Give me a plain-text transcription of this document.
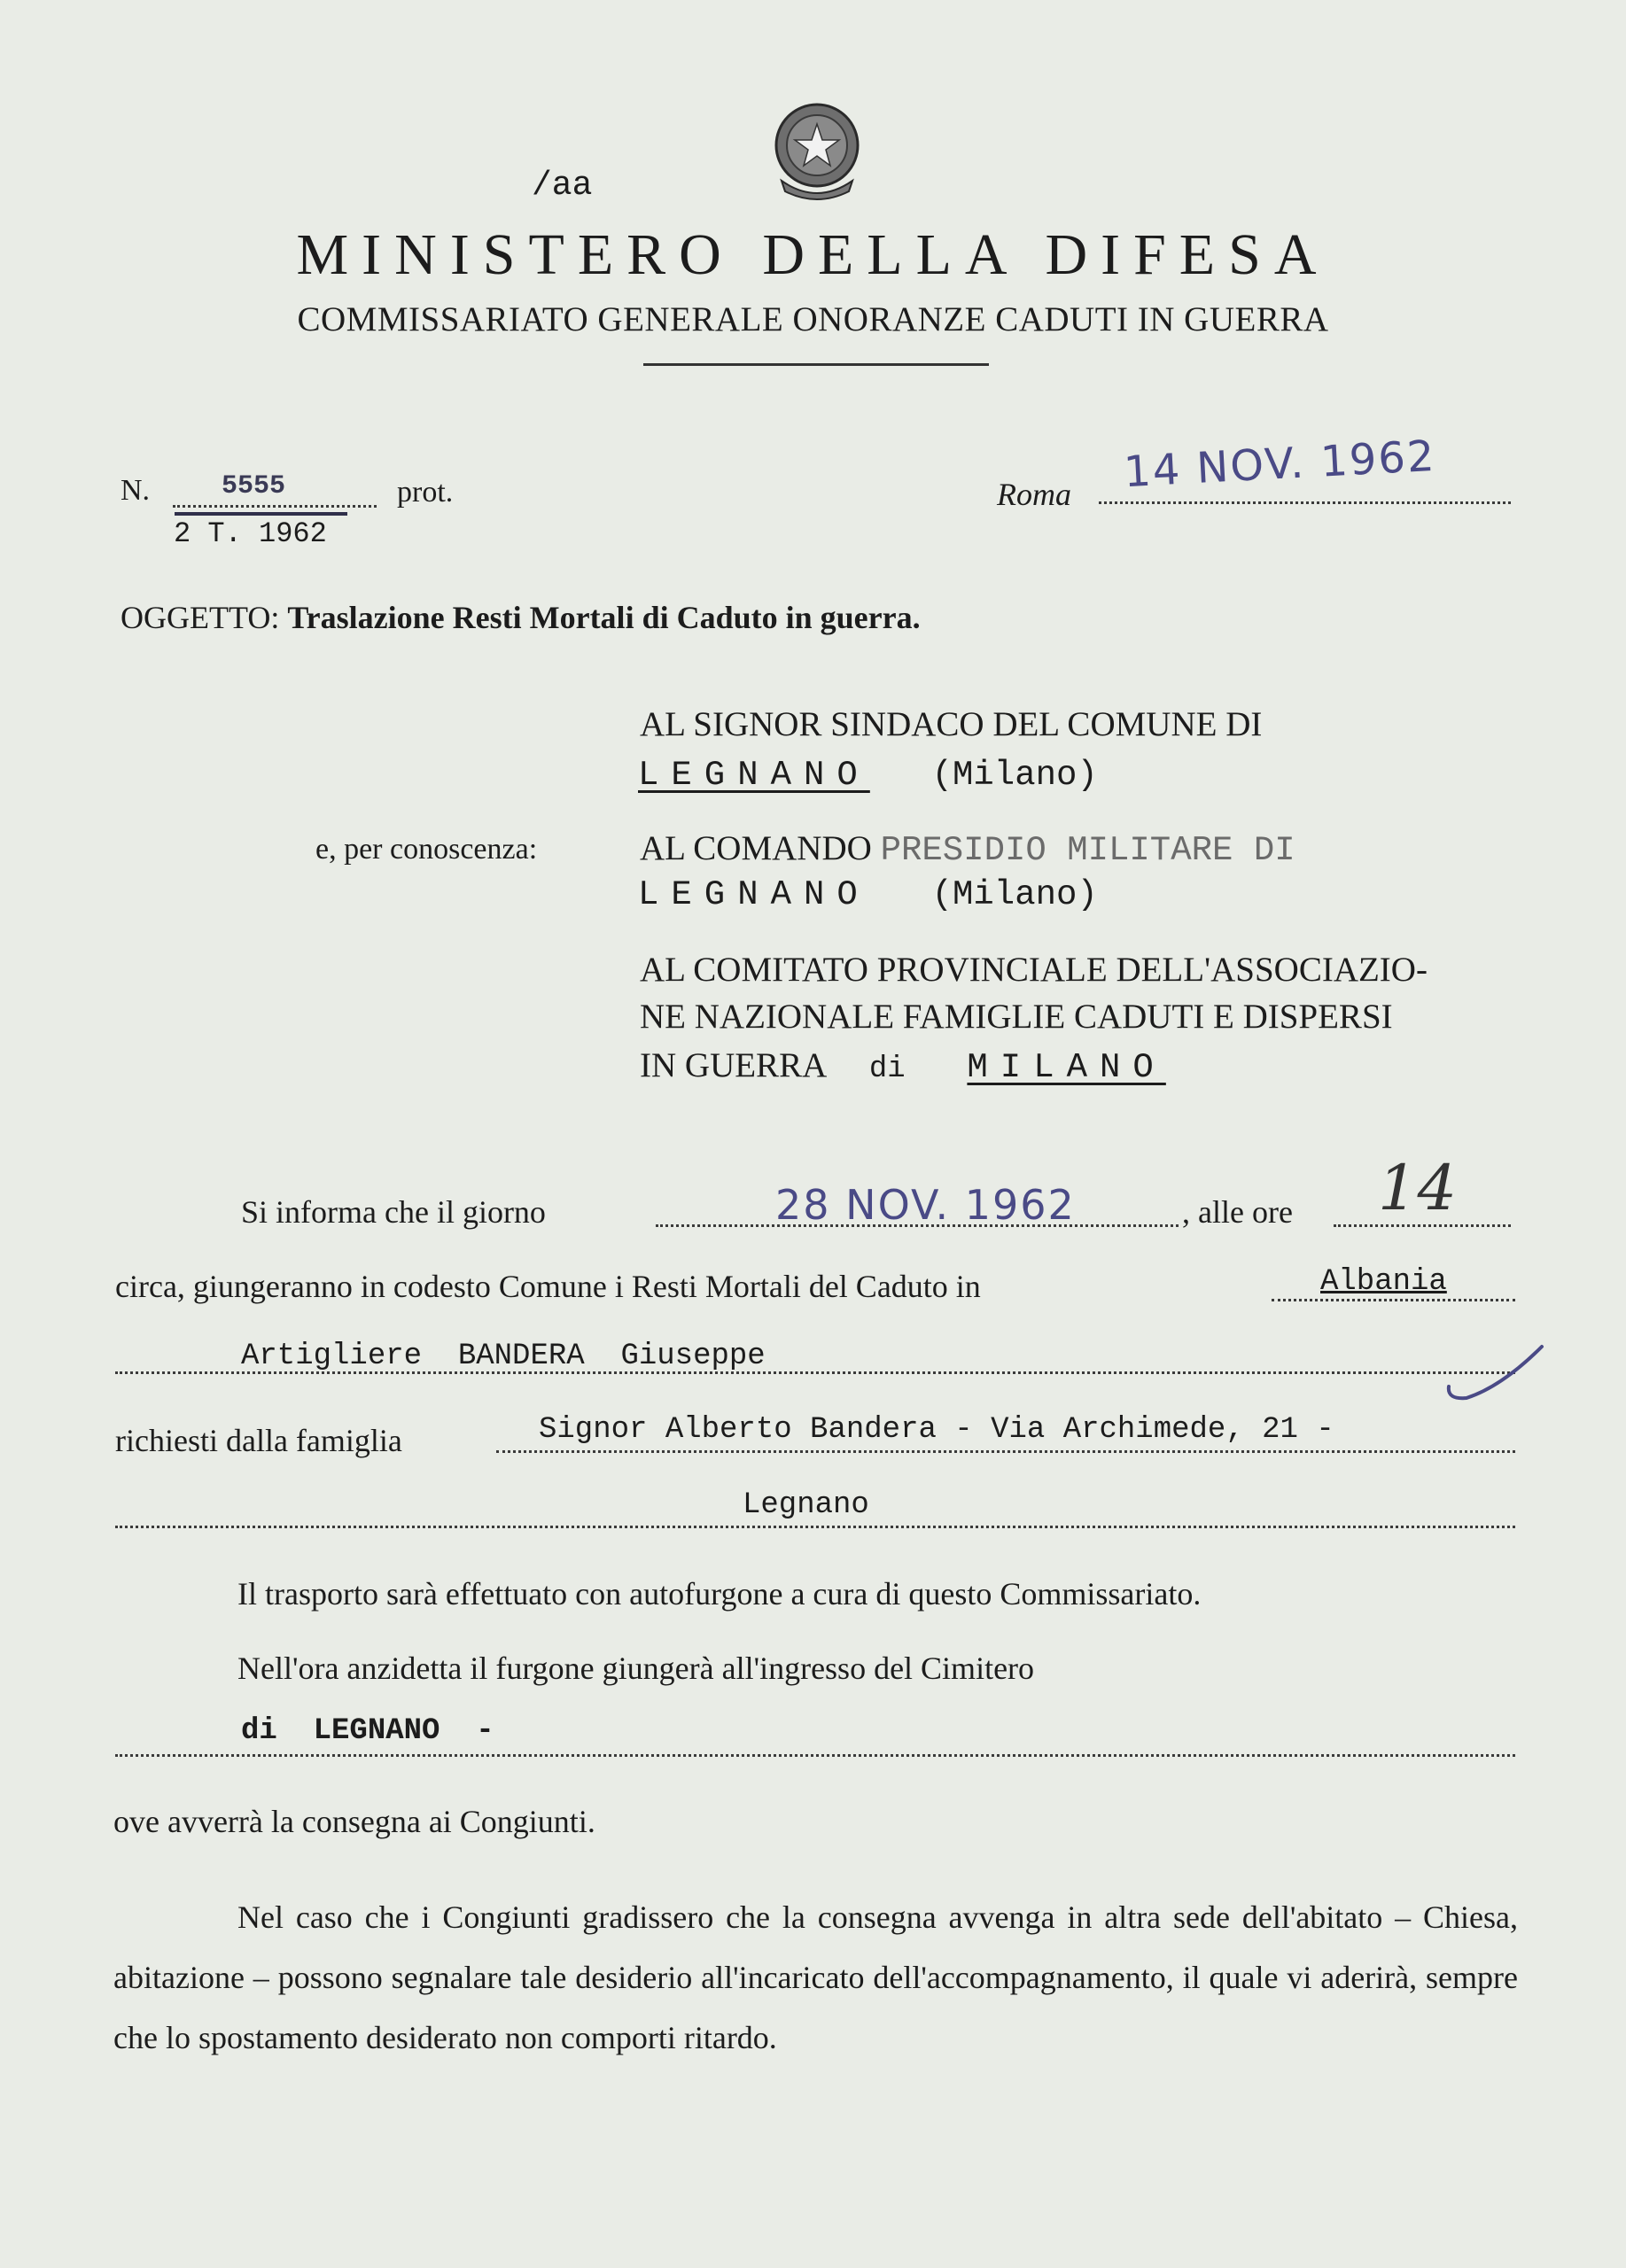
/aa
MINISTERO DELLA DIFESA
COMMISSARIATO GENERALE ONORANZE CADUTI IN GUERRA
N.	5555
2 T. 1962
prot.	Roma 14 NOV. 1962
OGGETTO: Traslazione Resti Mortali di Caduto in guerra.
AL SIGNOR SINDACO DEL COMUNE DI
LEGNANO (Milano)
e, per conoscenza:	AL COMANDO PRESIDIO MILITARE DI
LEGNANO (Milano)
AL COMITATO PROVINCIALE DELL'ASSOCIAZIO-
NE NAZIONALE FAMIGLIE CADUTI E DISPERSI
IN GUERRA di MILANO
Si informa che il giorno	28 NOV. 1962	, alle ore 14
circa, giungeranno in codesto Comune i Resti Mortali del Caduto in	Albania
Artigliere  BANDERA  Giuseppe
richiesti dalla famiglia	Signor Alberto Bandera - Via Archimede, 21 -
Legnano
Il trasporto sarà effettuato con autofurgone a cura di questo Commissariato.
Nell'ora anzidetta il furgone giungerà all'ingresso del Cimitero
di  LEGNANO  -
ove avverrà la consegna ai Congiunti.
Nel caso che i Congiunti gradissero che la consegna avvenga in altra sede dell'abitato – Chiesa, abitazione – possono segnalare tale desiderio all'incaricato dell'accompagnamento, il quale vi aderirà, sempre che lo spostamento desiderato non comporti ritardo.
